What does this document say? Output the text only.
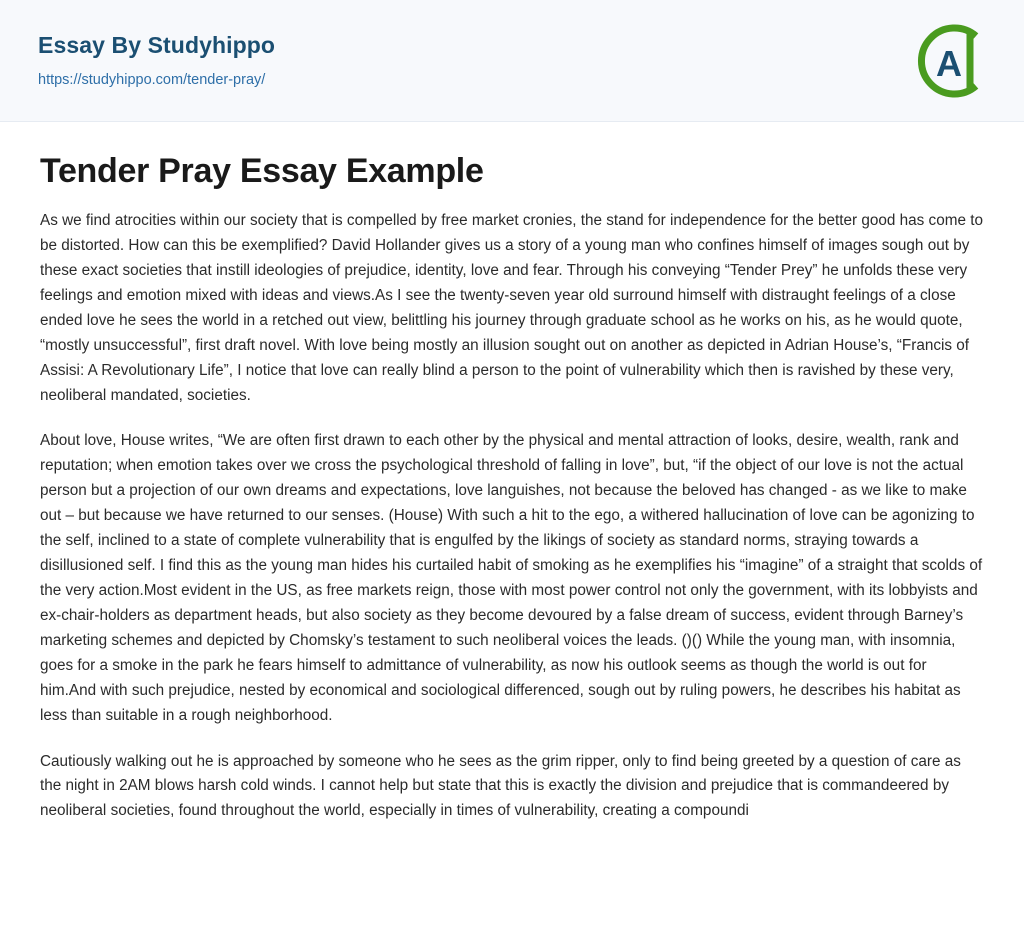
Essay By Studyhippo
https://studyhippo.com/tender-pray/	A
Tender Pray Essay Example

As we find atrocities within our society that is compelled by free market cronies, the stand for independence for the better good has come to be distorted. How can this be exemplified? David Hollander gives us a story of a young man who confines himself of images sough out by these exact societies that instill ideologies of prejudice, identity, love and fear. Through his conveying “Tender Prey” he unfolds these very feelings and emotion mixed with ideas and views.As I see the twenty-seven year old surround himself with distraught feelings of a close ended love he sees the world in a retched out view, belittling his journey through graduate school as he works on his, as he would quote, “mostly unsuccessful”, first draft novel. With love being mostly an illusion sought out on another as depicted in Adrian House’s, “Francis of Assisi: A Revolutionary Life”, I notice that love can really blind a person to the point of vulnerability which then is ravished by these very, neoliberal mandated, societies.

About love, House writes, “We are often first drawn to each other by the physical and mental attraction of looks, desire, wealth, rank and reputation; when emotion takes over we cross the psychological threshold of falling in love”, but, “if the object of our love is not the actual person but a projection of our own dreams and expectations, love languishes, not because the beloved has changed - as we like to make out – but because we have returned to our senses. (House) With such a hit to the ego, a withered hallucination of love can be agonizing to the self, inclined to a state of complete vulnerability that is engulfed by the likings of society as standard norms, straying towards a disillusioned self. I find this as the young man hides his curtailed habit of smoking as he exemplifies his “imagine” of a straight that scolds of the very action.Most evident in the US, as free markets reign, those with most power control not only the government, with its lobbyists and ex-chair-holders as department heads, but also society as they become devoured by a false dream of success, evident through Barney’s marketing schemes and depicted by Chomsky’s testament to such neoliberal voices the leads. ()() While the young man, with insomnia, goes for a smoke in the park he fears himself to admittance of vulnerability, as now his outlook seems as though the world is out for him.And with such prejudice, nested by economical and sociological differenced, sough out by ruling powers, he describes his habitat as less than suitable in a rough neighborhood.

Cautiously walking out he is approached by someone who he sees as the grim ripper, only to find being greeted by a question of care as the night in 2AM blows harsh cold winds. I cannot help but state that this is exactly the division and prejudice that is commandeered by neoliberal societies, found throughout the world, especially in times of vulnerability, creating a compoundi
